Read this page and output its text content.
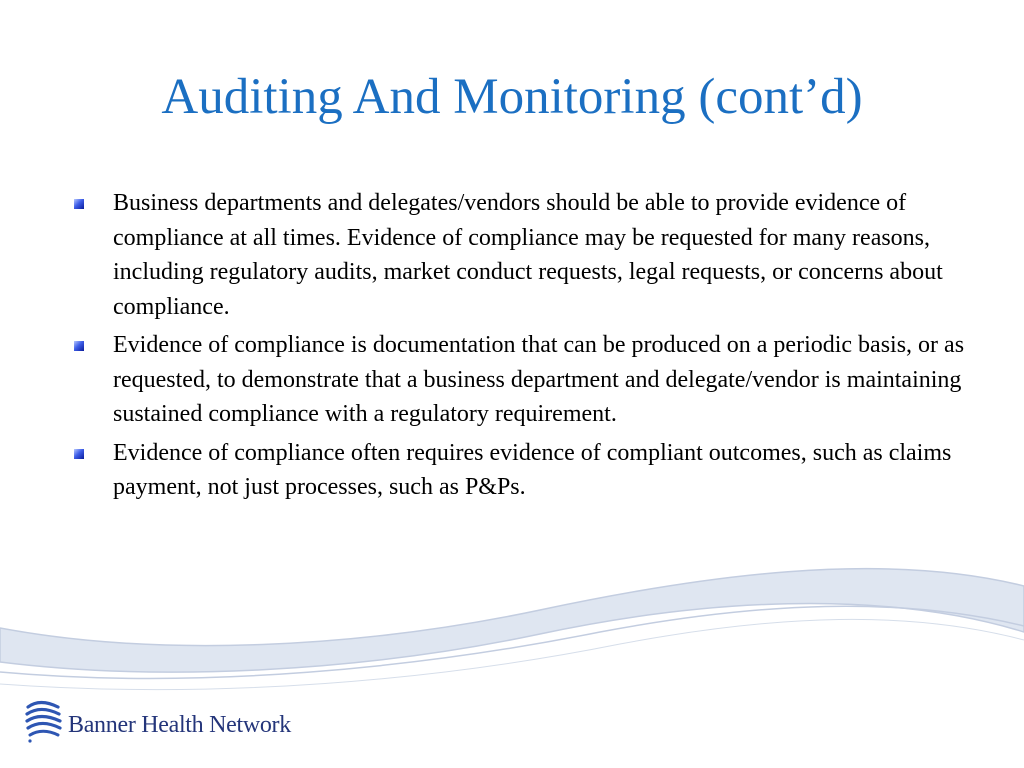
Auditing And Monitoring (cont’d)
Business departments and delegates/vendors should be able to provide evidence of compliance at all times. Evidence of compliance may be requested for many reasons, including regulatory audits, market conduct requests, legal requests, or concerns about compliance.
Evidence of compliance is documentation that can be produced on a periodic basis, or as requested, to demonstrate that a business department and delegate/vendor is maintaining sustained compliance with a regulatory requirement.
Evidence of compliance often requires evidence of compliant outcomes, such as claims payment, not just processes, such as P&Ps.
Banner Health Network
